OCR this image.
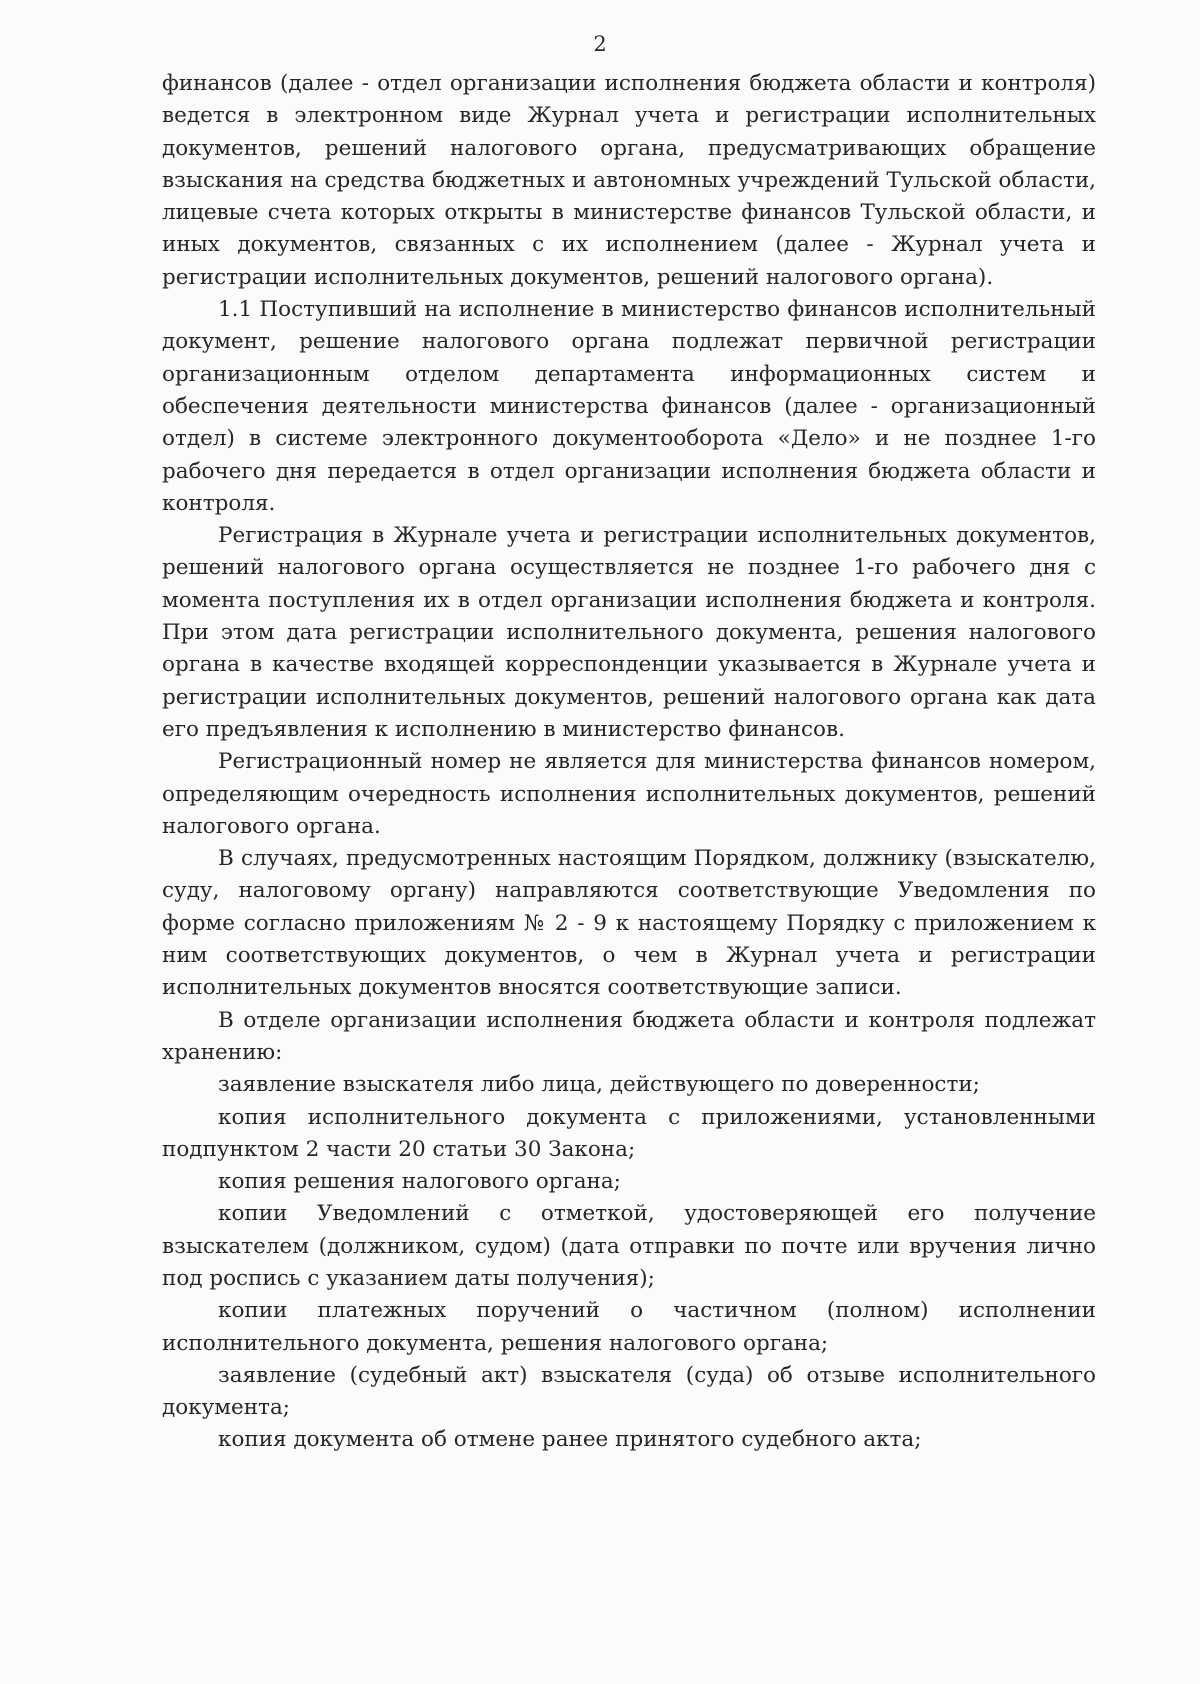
2

финансов (далее - отдел организации исполнения бюджета области и контроля) ведется в электронном виде Журнал учета и регистрации исполнительных документов, решений налогового органа, предусматривающих обращение взыскания на средства бюджетных и автономных учреждений Тульской области, лицевые счета которых открыты в министерстве финансов Тульской области, и иных документов, связанных с их исполнением (далее - Журнал учета и регистрации исполнительных документов, решений налогового органа).

1.1 Поступивший на исполнение в министерство финансов исполнительный документ, решение налогового органа подлежат первичной регистрации организационным отделом департамента информационных систем и обеспечения деятельности министерства финансов (далее - организационный отдел) в системе электронного документооборота «Дело» и не позднее 1-го рабочего дня передается в отдел организации исполнения бюджета области и контроля.

Регистрация в Журнале учета и регистрации исполнительных документов, решений налогового органа осуществляется не позднее 1-го рабочего дня с момента поступления их в отдел организации исполнения бюджета и контроля. При этом дата регистрации исполнительного документа, решения налогового органа в качестве входящей корреспонденции указывается в Журнале учета и регистрации исполнительных документов, решений налогового органа как дата его предъявления к исполнению в министерство финансов.

Регистрационный номер не является для министерства финансов номером, определяющим очередность исполнения исполнительных документов, решений налогового органа.

В случаях, предусмотренных настоящим Порядком, должнику (взыскателю, суду, налоговому органу) направляются соответствующие Уведомления по форме согласно приложениям № 2 - 9 к настоящему Порядку с приложением к ним соответствующих документов, о чем в Журнал учета и регистрации исполнительных документов вносятся соответствующие записи.

В отделе организации исполнения бюджета области и контроля подлежат хранению:

заявление взыскателя либо лица, действующего по доверенности;

копия исполнительного документа с приложениями, установленными подпунктом 2 части 20 статьи 30 Закона;

копия решения налогового органа;

копии Уведомлений с отметкой, удостоверяющей его получение взыскателем (должником, судом) (дата отправки по почте или вручения лично под роспись с указанием даты получения);

копии платежных поручений о частичном (полном) исполнении исполнительного документа, решения налогового органа;

заявление (судебный акт) взыскателя (суда) об отзыве исполнительного документа;

копия документа об отмене ранее принятого судебного акта;
